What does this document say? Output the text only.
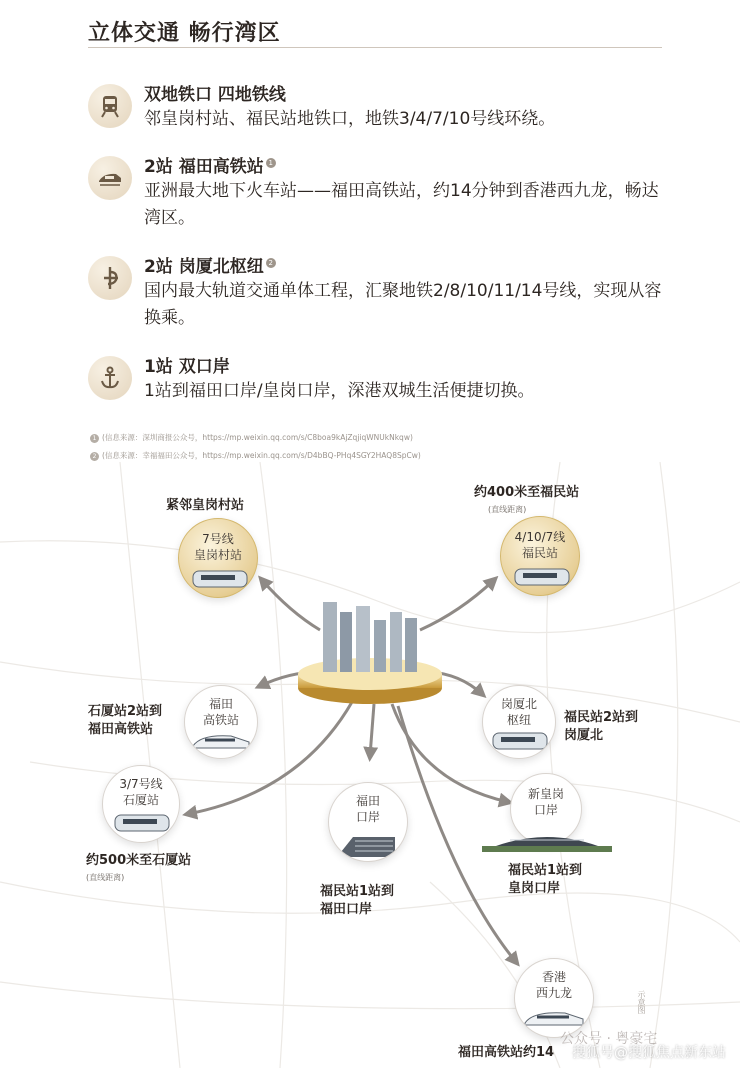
立体交通 畅行湾区
双地铁口 四地铁线
邻皇岗村站、福民站地铁口，地铁3/4/7/10号线环绕。
2站 福田高铁站 1
亚洲最大地下火车站——福田高铁站，约14分钟到香港西九龙，畅达湾区。
2站 岗厦北枢纽 2
国内最大轨道交通单体工程，汇聚地铁2/8/10/11/14号线，实现从容换乘。
1站 双口岸
1站到福田口岸/皇岗口岸，深港双城生活便捷切换。
1 (信息来源：深圳商报公众号，https://mp.weixin.qq.com/s/C8boa9kAjZqjiqWNUkNkqw)
2 (信息来源：幸福福田公众号，https://mp.weixin.qq.com/s/D4bBQ-PHq4SGY2HAQ8SpCw)
紧邻皇岗村站
7号线
皇岗村站
约400米至福民站
(直线距离)
4/10/7线
福民站
石厦站2站到
福田高铁站
福田
高铁站
岗厦北
枢纽	福民站2站到
岗厦北
3/7号线
石厦站
约500米至石厦站
(直线距离)
福田
口岸
福民站1站到
福田口岸
新皇岗
口岸
福民站1站到
皇岗口岸
香港
西九龙
福田高铁站约14
示意图
公众号 · 粤豪宅
搜狐号@搜狐焦点新东站
